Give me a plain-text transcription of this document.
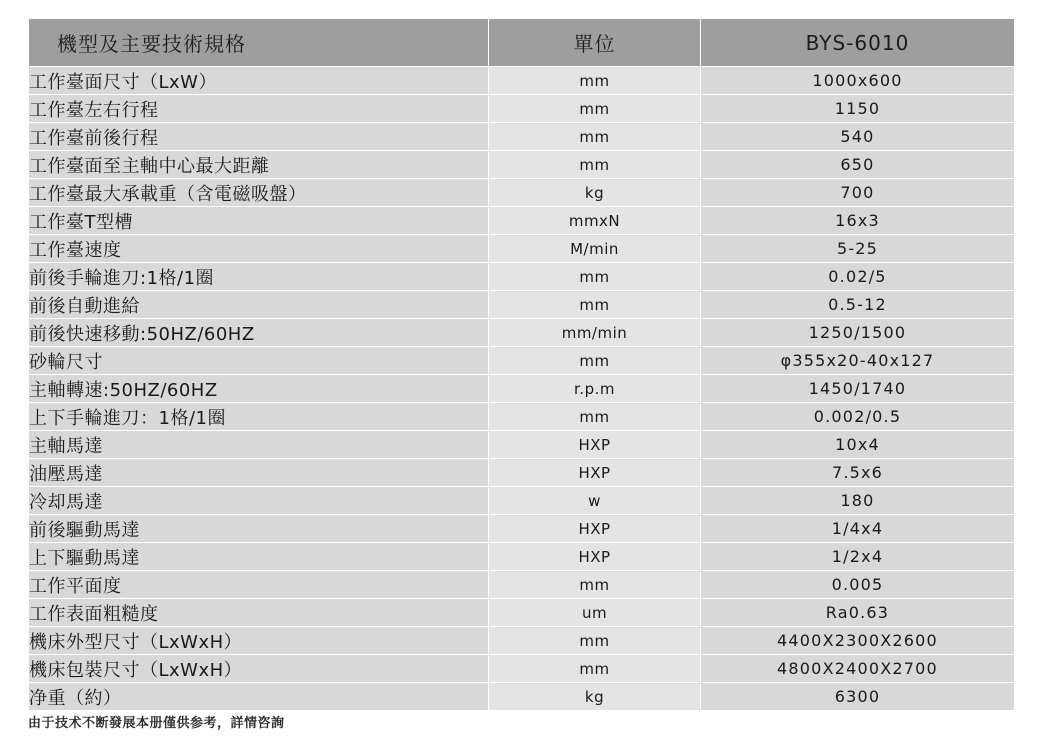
機型及主要技術規格	單位	BYS-6010
工作臺面尺寸（LxW）	mm	1000x600
工作臺左右行程	mm	1150
工作臺前後行程	mm	540
工作臺面至主軸中心最大距離	mm	650
工作臺最大承載重（含電磁吸盤）	kg	700
工作臺T型槽	mmxN	16x3
工作臺速度	M/min	5-25
前後手輪進刀:1格/1圈	mm	0.02/5
前後自動進給	mm	0.5-12
前後快速移動:50HZ/60HZ	mm/min	1250/1500
砂輪尺寸	mm	φ355x20-40x127
主軸轉速:50HZ/60HZ	r.p.m	1450/1740
上下手輪進刀：1格/1圈	mm	0.002/0.5
主軸馬達	HXP	10x4
油壓馬達	HXP	7.5x6
冷却馬達	w	180
前後驅動馬達	HXP	1/4x4
上下驅動馬達	HXP	1/2x4
工作平面度	mm	0.005
工作表面粗糙度	um	Ra0.63
機床外型尺寸（LxWxH）	mm	4400X2300X2600
機床包裝尺寸（LxWxH）	mm	4800X2400X2700
净重（約）	kg	6300
由于技术不断發展本册僅供参考，詳情咨詢
